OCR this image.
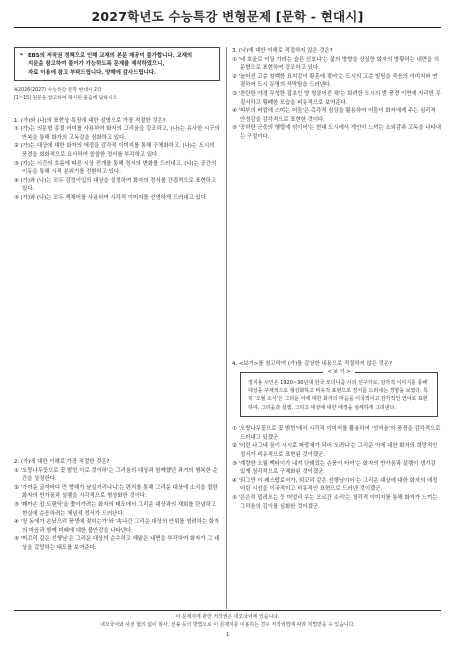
2027학년도 수능특강 변형문제 [문학 - 현대시]
* EBS의 저작권 정책으로 인해 교재의 본문 제공이 불가합니다. 교재의
지문을 참고하여 풀이가 가능하도록 문제를 제작하였으니,
자료 이용에 참고 부탁드립니다. 양해에 감사드립니다.
※2026(2027) 수능특강 문학 현대시 2강
[1~15] 원문을 참고하여 제시된 물음에 답하시오.
1. (가)와 (나)의 표현상 특징에 대한 설명으로 가장 적절한 것은?
① (가)는 의문형 종결 어미를 사용하여 화자의 그리움을 강조하고, (나)는 유사한 시구의 반복을 통해 화자의 고독감을 심화하고 있다.
② (가)는 대상에 대한 화자의 애정을 감각적 이미지를 통해 구체화하고, (나)는 도시의 풍경을 회화적으로 묘사하여 쓸쓸한 정서를 부각하고 있다.
③ (가)는 시간의 흐름에 따른 시상 전개를 통해 정서의 변화를 드러내고, (나)는 공간의 이동을 통해 시적 분위기를 전환하고 있다.
④ (가)와 (나)는 모두 감정이입의 대상을 설정하여 화자의 정서를 간접적으로 표현하고 있다.
⑤ (가)와 (나)는 모두 색채어를 사용하여 시각적 이미지를 선명하게 드러내고 있다.
2. (가)에 대한 이해로 가장 적절한 것은?
① '오랑나무꽃으로 꽃 밝힌 이로 것이하'는 그리움의 대상과 함께했던 과거의 행복한 순간을 상징한다.
② '가여운 글자마다 먼 향해가 남실거리나니'는 편지를 통해 그리운 대상에 소식을 접한 화자의 반가움과 설렘을 시각적으로 형상화한 것이다.
③ '꽤까손 잡 트랜딕'을 쫓아가려는 화자의 태도에서 그리운 대상과의 재회를 단념하고 현실에 순응하려는 체념적 정서가 드러난다.
④ '청 동에가 손났으리 풍생에 젖히는가'와 '속나간 그리운 대상의 안위를 염려하는 화자의 마음과 함께 미래에 대한 불안감을 나타낸다.
⑤ '찌꼬리 같은 선행님'은 그리운 대상의 순수하고 해맑은 내면을 부각하여 화자가 그 대상을 갈망하는 태도를 보여준다.
3. (나)에 대한 이해로 적절하지 않은 것은?
① '네 호올로 어딜 가라는 슬픈 신호냐'는 삶의 방향을 상실한 화자의 방황하는 내면을 의문형으로 표현하여 강조하고 있다.
② '늘어선 고층 창백한 묘석같이 황혼에 젖어'는 도시의 고층 빌딩을 죽음의 이미지와 연결하여 도시 문명의 삭막함을 드러낸다.
③ '찬란한 야경 무성한 잡초인 양 헝클어진 채'는 화려한 도시의 밤 풍경 이면에 자리한 무질서하고 황폐한 모습을 비유적으로 보여준다.
④ '피부의 바깥에 스미는 어둠'은 촉각적 심상을 활용하여 어둠이 화자에게 주는 심리적 안정감을 감각적으로 표현한 것이다.
⑤ '공허한 군중의 행렬에 섞이어'는 현대 도시에서 개인이 느끼는 소외감과 고독을 나타내는 구절이다.
4. <보기>를 참고하여 (가)를 감상한 내용으로 적절하지 않은 것은?
< 보 기 >
정지용 시인은 1920~30년대 한국 모더니즘 시의 선구자로, 감각적 이미지를 통해 대상을 구체적으로 형상화하고 비유적 표현으로 정서를 드러내는 경향을 보였다. 특히 '오월 소식'은 그리운 이에 대한 화자의 마음을 이국적이고 감각적인 언어로 표현하여, 그리움과 설렘, 그리고 대상에 대한 애정을 섬세하게 그려낸다.
① '오랑나무꽃으로 꽃 밝힌'에서 시각적 이미지를 활용하여 '섯여울'의 풍경을 감각적으로 드러내고 있겠군.
② '어린 나그네 꿈이 시시로 파랑새가 되어 오려니'는 그리운 이에 대한 화자의 희망적인 정서가 비유적으로 표현된 것이겠군.
③ '계량한 오월 맥타이가 내겨 단꿰었는 손풍이 터여'는 화자의 반가움과 설렘이 생기감 있게 청각적으로 구체화된 것이겠군.
④ '퇴그만 이 레스탑로서가, 퇴꼬리 같은 선행님이어'는 그리운 대상에 대한 화자의 애정 어린 시선을 이국적이고 비유적인 표현으로 드러낸 것이겠군.
⑤ '은은히 멀려오는 듯 머얼리 우는 오르간 소리'는 청각적 이미지를 통해 화자가 느끼는 그리움의 깊이를 심화한 것이겠군.
이 문제지에 관한 저작권은 네오국어에 있습니다.
네오국어와 사전 협의 없이 복사, 전송 등의 방법으로 이 문제지를 이용하는 경우 저작권법에 따라 처벌받을 수 있습니다.
1
